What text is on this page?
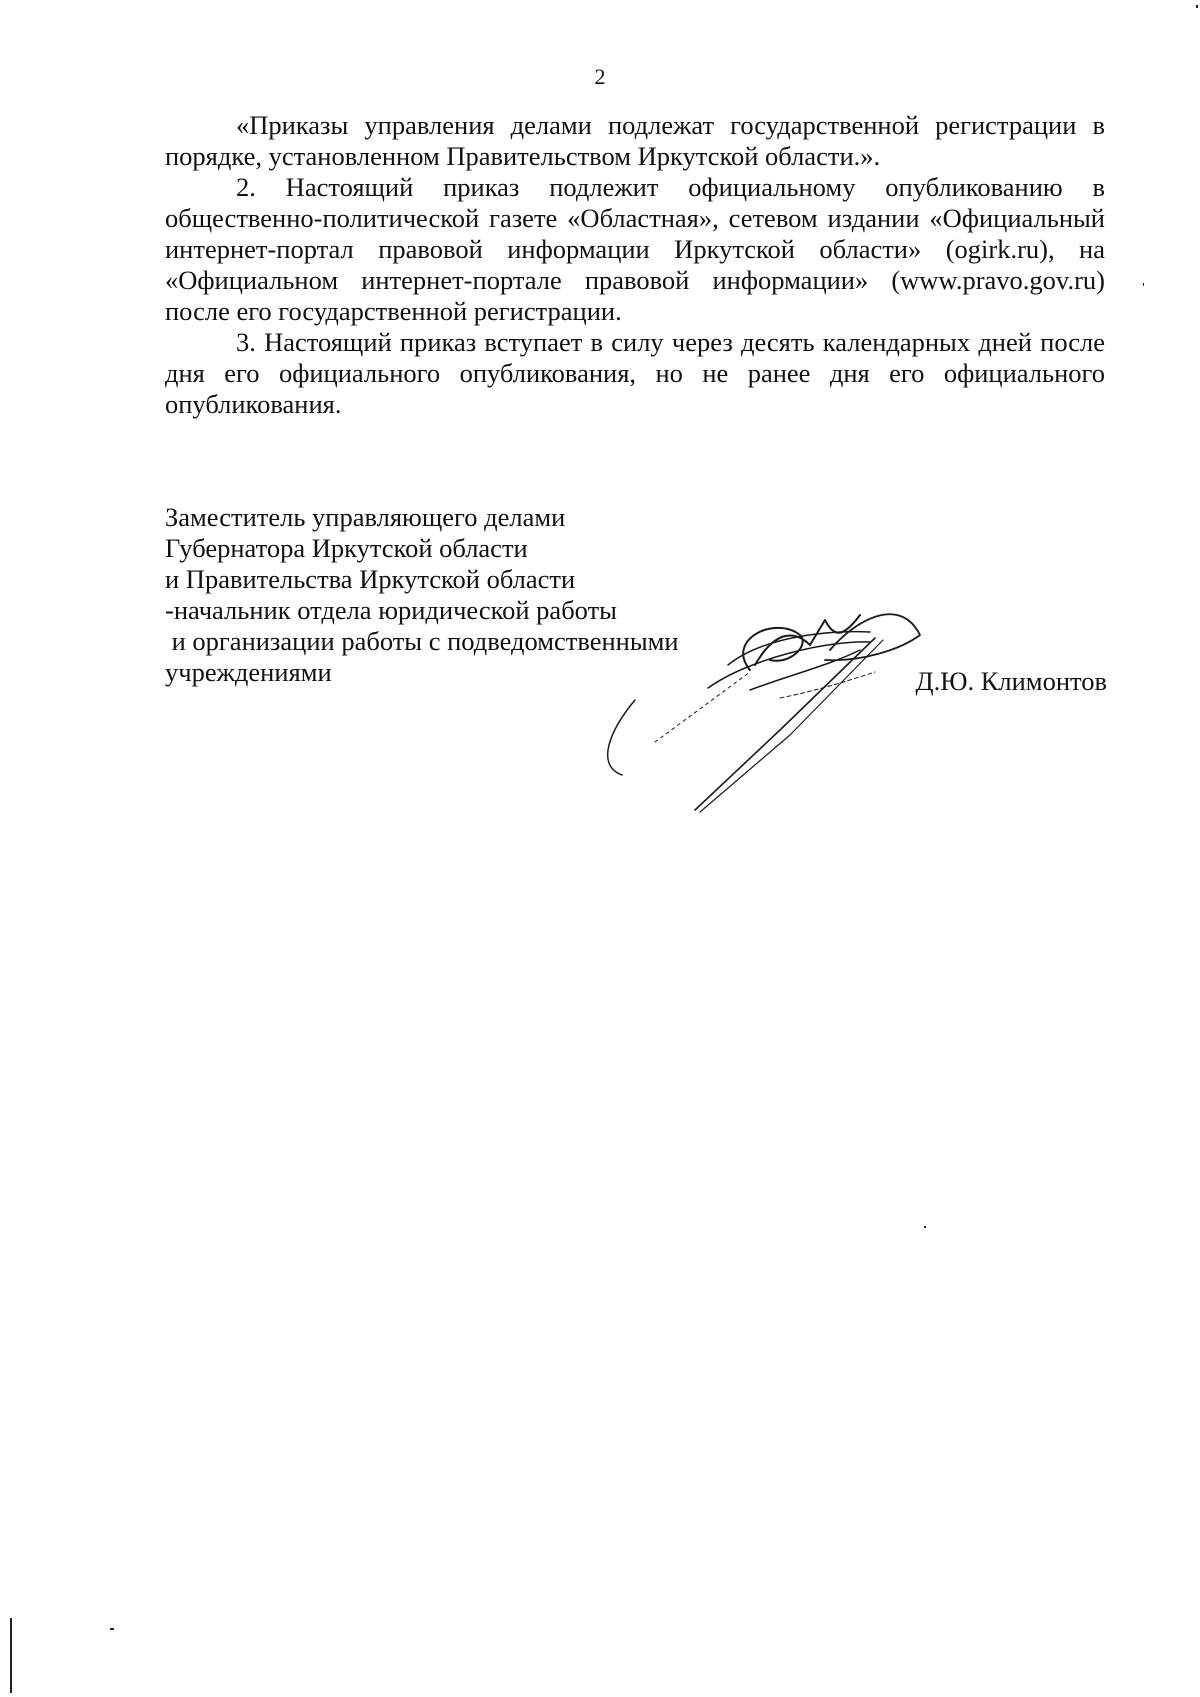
2

«Приказы управления делами подлежат государственной регистрации в порядке, установленном Правительством Иркутской области.».

2. Настоящий приказ подлежит официальному опубликованию в общественно-политической газете «Областная», сетевом издании «Официальный интернет-портал правовой информации Иркутской области» (ogirk.ru), на «Официальном интернет-портале правовой информации» (www.pravo.gov.ru) после его государственной регистрации.

3. Настоящий приказ вступает в силу через десять календарных дней после дня его официального опубликования, но не ранее дня его официального опубликования.

Заместитель управляющего делами
Губернатора Иркутской области
и Правительства Иркутской области
-начальник отдела юридической работы
и организации работы с подведомственными
учреждениями	Д.Ю. Климонтов
